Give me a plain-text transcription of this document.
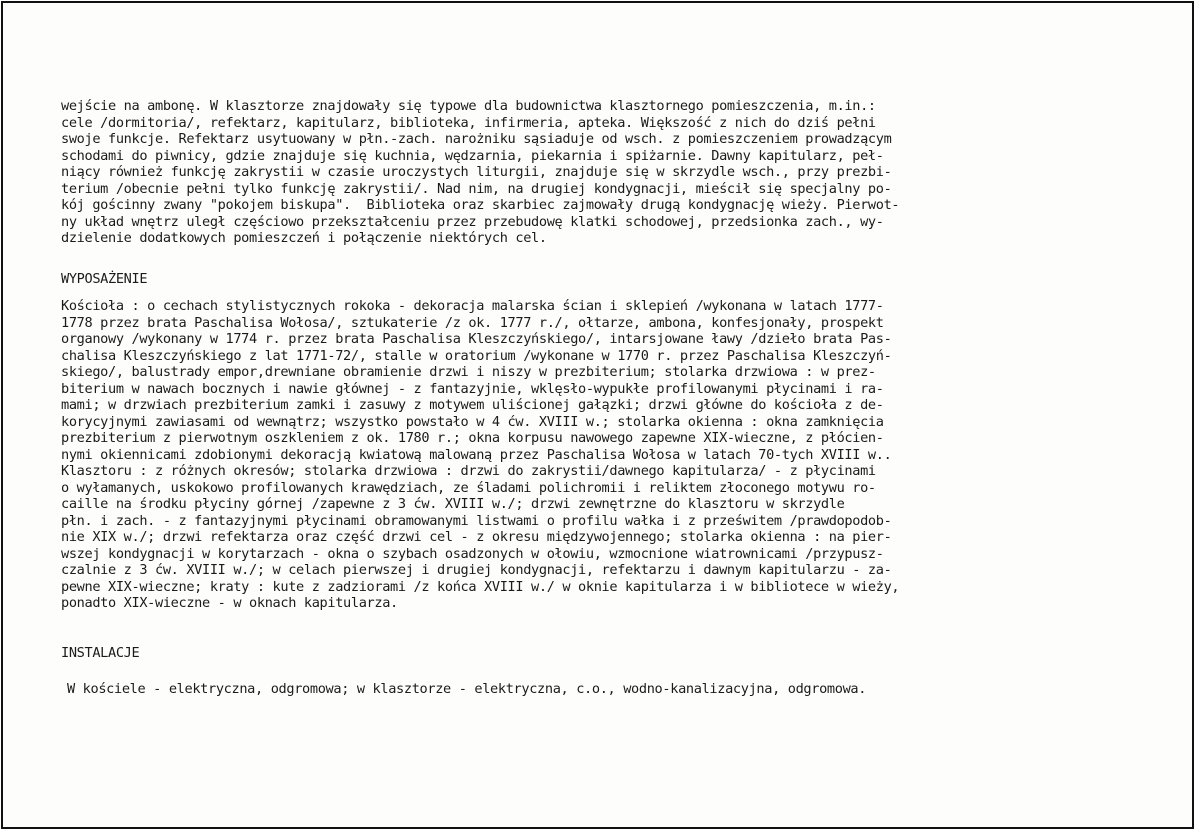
wejście na ambonę. W klasztorze znajdowały się typowe dla budownictwa klasztornego pomieszczenia, m.in.:
cele /dormitoria/, refektarz, kapitularz, biblioteka, infirmeria, apteka. Większość z nich do dziś pełni
swoje funkcje. Refektarz usytuowany w płn.-zach. narożniku sąsiaduje od wsch. z pomieszczeniem prowadzącym
schodami do piwnicy, gdzie znajduje się kuchnia, wędzarnia, piekarnia i spiżarnie. Dawny kapitularz, peł-
niący również funkcję zakrystii w czasie uroczystych liturgii, znajduje się w skrzydle wsch., przy prezbi-
terium /obecnie pełni tylko funkcję zakrystii/. Nad nim, na drugiej kondygnacji, mieścił się specjalny po-
kój gościnny zwany "pokojem biskupa".  Biblioteka oraz skarbiec zajmowały drugą kondygnację wieży. Pierwot-
ny układ wnętrz uległ częściowo przekształceniu przez przebudowę klatki schodowej, przedsionka zach., wy-
dzielenie dodatkowych pomieszczeń i połączenie niektórych cel.
WYPOSAŻENIE
Kościoła : o cechach stylistycznych rokoka - dekoracja malarska ścian i sklepień /wykonana w latach 1777-
1778 przez brata Paschalisa Wołosa/, sztukaterie /z ok. 1777 r./, ołtarze, ambona, konfesjonały, prospekt
organowy /wykonany w 1774 r. przez brata Paschalisa Kleszczyńskiego/, intarsjowane ławy /dzieło brata Pas-
chalisa Kleszczyńskiego z lat 1771-72/, stalle w oratorium /wykonane w 1770 r. przez Paschalisa Kleszczyń-
skiego/, balustrady empor,drewniane obramienie drzwi i niszy w prezbiterium; stolarka drzwiowa : w prez-
biterium w nawach bocznych i nawie głównej - z fantazyjnie, wklęsło-wypukłe profilowanymi płycinami i ra-
mami; w drzwiach prezbiterium zamki i zasuwy z motywem uliścionej gałązki; drzwi główne do kościoła z de-
korycyjnymi zawiasami od wewnątrz; wszystko powstało w 4 ćw. XVIII w.; stolarka okienna : okna zamknięcia
prezbiterium z pierwotnym oszkleniem z ok. 1780 r.; okna korpusu nawowego zapewne XIX-wieczne, z płócien-
nymi okiennicami zdobionymi dekoracją kwiatową malowaną przez Paschalisa Wołosa w latach 70-tych XVIII w..
Klasztoru : z różnych okresów; stolarka drzwiowa : drzwi do zakrystii/dawnego kapitularza/ - z płycinami
o wyłamanych, uskokowo profilowanych krawędziach, ze śladami polichromii i reliktem złoconego motywu ro-
caille na środku płyciny górnej /zapewne z 3 ćw. XVIII w./; drzwi zewnętrzne do klasztoru w skrzydle
płn. i zach. - z fantazyjnymi płycinami obramowanymi listwami o profilu wałka i z prześwitem /prawdopodob-
nie XIX w./; drzwi refektarza oraz część drzwi cel - z okresu międzywojennego; stolarka okienna : na pier-
wszej kondygnacji w korytarzach - okna o szybach osadzonych w ołowiu, wzmocnione wiatrownicami /przypusz-
czalnie z 3 ćw. XVIII w./; w celach pierwszej i drugiej kondygnacji, refektarzu i dawnym kapitularzu - za-
pewne XIX-wieczne; kraty : kute z zadziorami /z końca XVIII w./ w oknie kapitularza i w bibliotece w wieży,
ponadto XIX-wieczne - w oknach kapitularza.
INSTALACJE
W kościele - elektryczna, odgromowa; w klasztorze - elektryczna, c.o., wodno-kanalizacyjna, odgromowa.
